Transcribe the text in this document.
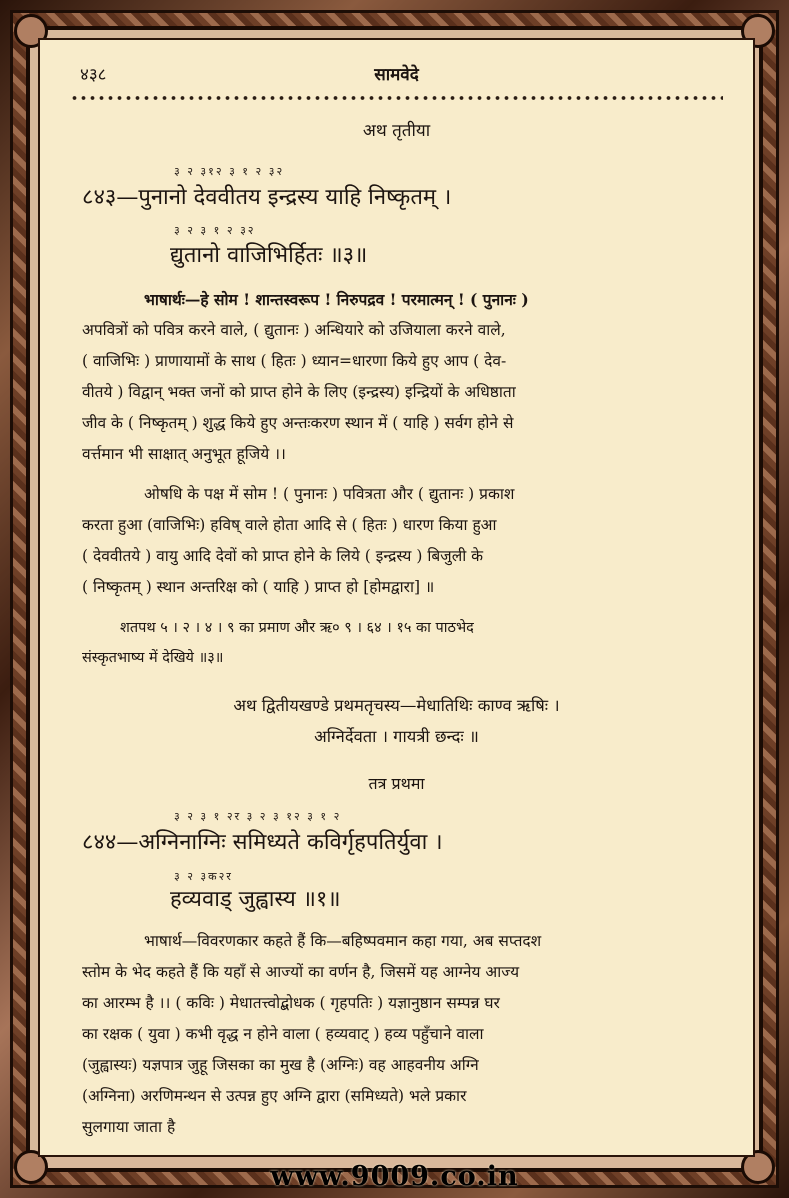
४३८	सामवेदे
अथ तृतीया
३ २ ३१२ ३ १ २ ३२
८४३—पुनानो देववीतय इन्द्रस्य याहि निष्कृतम् ।
३ २ ३ १ २ ३२
द्युतानो वाजिभिर्हितः ॥३॥
भाषार्थः—हे सोम ! शान्तस्वरूप ! निरुपद्रव ! परमात्मन् ! ( पुनानः )
अपवित्रों को पवित्र करने वाले, ( द्युतानः ) अन्धियारे को उजियाला करने वाले,
( वाजिभिः ) प्राणायामों के साथ ( हितः ) ध्यान=धारणा किये हुए आप ( देव-
वीतये ) विद्वान् भक्त जनों को प्राप्त होने के लिए (इन्द्रस्य) इन्द्रियों के अधिष्ठाता
जीव के ( निष्कृतम् ) शुद्ध किये हुए अन्तःकरण स्थान में ( याहि ) सर्वग होने से
वर्त्तमान भी साक्षात् अनुभूत हूजिये ।।
ओषधि के पक्ष में सोम ! ( पुनानः ) पवित्रता और ( द्युतानः ) प्रकाश
करता हुआ (वाजिभिः) हविष् वाले होता आदि से ( हितः ) धारण किया हुआ
( देववीतये ) वायु आदि देवों को प्राप्त होने के लिये ( इन्द्रस्य ) बिजुली के
( निष्कृतम् ) स्थान अन्तरिक्ष को ( याहि ) प्राप्त हो [होमद्वारा] ॥
शतपथ ५ । २ । ४ । ९ का प्रमाण और ऋ० ९ । ६४ । १५ का पाठभेद
संस्कृतभाष्य में देखिये ॥३॥
अथ द्वितीयखण्डे प्रथमतृचस्य—मेधातिथिः काण्व ऋषिः ।
अग्निर्देवता । गायत्री छन्दः ॥
तत्र प्रथमा
३ २ ३ १ २र ३ २ ३ १२ ३ १ २
८४४—अग्निनाग्निः समिध्यते कविर्गृहपतिर्युवा ।
३ २ ३क२र
हव्यवाड् जुह्वास्य ॥१॥
भाषार्थ—विवरणकार कहते हैं कि—बहिष्पवमान कहा गया, अब सप्तदश
स्तोम के भेद कहते हैं कि यहाँ से आज्यों का वर्णन है, जिसमें यह आग्नेय आज्य
का आरम्भ है ।। ( कविः ) मेधातत्त्वोद्बोधक ( गृहपतिः ) यज्ञानुष्ठान सम्पन्न घर
का रक्षक ( युवा ) कभी वृद्ध न होने वाला ( हव्यवाट् ) हव्य पहुँचाने वाला
(जुह्वास्यः) यज्ञपात्र जुहू जिसका का मुख है (अग्निः) वह आहवनीय अग्नि
(अग्निना) अरणिमन्थन से उत्पन्न हुए अग्नि द्वारा (समिध्यते) भले प्रकार
सुलगाया जाता है
www.9009.co.in
